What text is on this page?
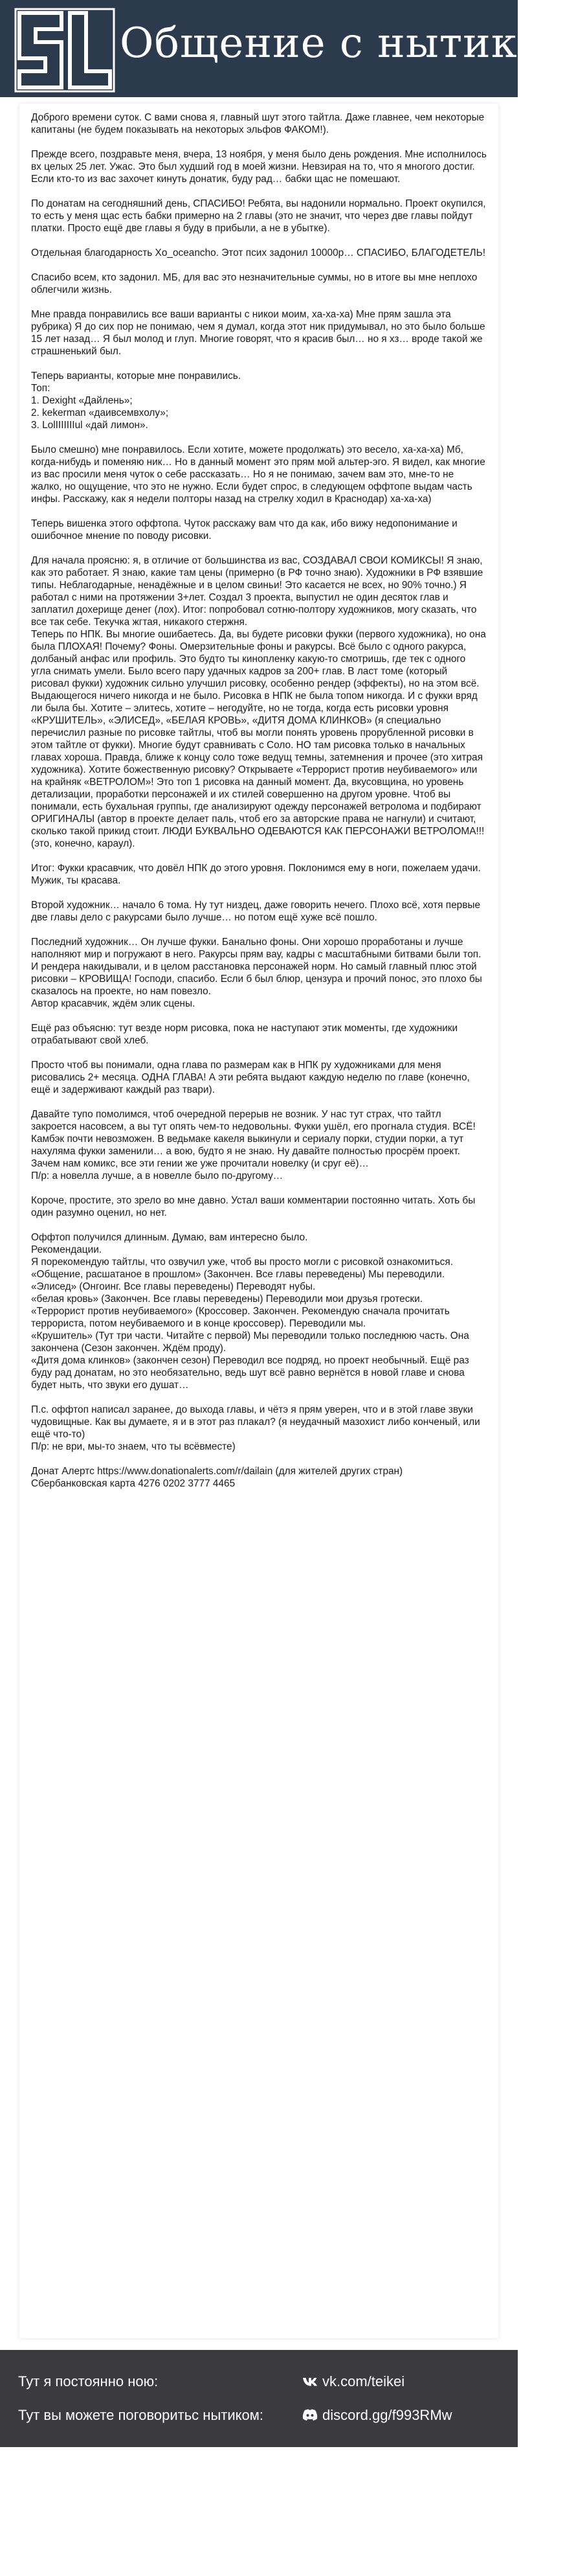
Общение с нытиком

Доброго времени суток. С вами снова я, главный шут этого тайтла. Даже главнее, чем некоторые капитаны (не будем показывать на некоторых эльфов ФАКОМ!).

Прежде всего, поздравьте меня, вчера, 13 ноября, у меня было день рождения. Мне исполнилось вх целых 25 лет. Ужас. Это был худший год в моей жизни. Невзирая на то, что я многого достиг. Если кто-то из вас захочет кинуть донатик, буду рад… бабки щас не помешают.

По донатам на сегодняшний день, СПАСИБО! Ребята, вы надонили нормально. Проект окупился, то есть у меня щас есть бабки примерно на 2 главы (это не значит, что через две главы пойдут платки. Просто ещё две главы я буду в прибыли, а не в убытке).

Отдельная благодарность Xo_oceancho. Этот псих задонил 10000р… СПАСИБО, БЛАГОДЕТЕЛЬ!

Спасибо всем, кто задонил. МБ, для вас это незначительные суммы, но в итоге вы мне неплохо облегчили жизнь.

Мне правда понравились все ваши варианты с никои моим, ха-ха-ха) Мне прям зашла эта рубрика) Я до сих пор не понимаю, чем я думал, когда этот ник придумывал, но это было больше 15 лет назад… Я был молод и глуп. Многие говорят, что я красив был… но я хз… вроде такой же страшненький был.

Теперь варианты, которые мне понравились.
Топ:
1. Dexight «Дайлень»;
2. kekerman «даивсемвхолу»;
3. LolIIIIIIIul «дай лимон».

Было смешно) мне понравилось. Если хотите, можете продолжать) это весело, ха-ха-ха) Мб, когда-нибудь и поменяю ник… Но в данный момент это прям мой альтер-эго. Я видел, как многие из вас просили меня чуток о себе рассказать… Но я не понимаю, зачем вам это, мне-то не жалко, но ощущение, что это не нужно. Если будет спрос, в следующем оффтопе выдам часть инфы. Расскажу, как я недели полторы назад на стрелку ходил в Краснодар) ха-ха-ха)

Теперь вишенка этого оффтопа. Чуток расскажу вам что да как, ибо вижу недопонимание и ошибочное мнение по поводу рисовки.

Для начала проясню: я, в отличие от большинства из вас, СОЗДАВАЛ СВОИ КОМИКСЫ! Я знаю, как это работает. Я знаю, какие там цены (примерно (в РФ точно знаю). Художники в РФ взявшие типы. Неблагодарные, ненадёжные и в целом свиньи! Это касается не всех, но 90% точно.) Я работал с ними на протяжении 3+лет. Создал 3 проекта, выпустил не один десяток глав и заплатил дохерище денег (лох). Итог: попробовал сотню-полтору художников, могу сказать, что все так себе. Текучка жгтая, никакого стержня.
Теперь по НПК. Вы многие ошибаетесь. Да, вы будете рисовки фукки (первого художника), но она была ПЛОХАЯ! Почему? Фоны. Омерзительные фоны и ракурсы. Всё было с одного ракурса, долбаный анфас или профиль. Это будто ты кинопленку какую-то смотришь, где тек с одного угла снимать умели. Было всего пару удачных кадров за 200+ глав. В ласт томе (который рисовал фукки) художник сильно улучшил рисовку, особенно рендер (эффекты), но на этом всё. Выдающегося ничего никогда и не было. Рисовка в НПК не была топом никогда. И с фукки вряд ли была бы. Хотите – элитесь, хотите – негодуйте, но не тогда, когда есть рисовки уровня «КРУШИТЕЛЬ», «ЭЛИСЕД», «БЕЛАЯ КРОВЬ», «ДИТЯ ДОМА КЛИНКОВ» (я специально перечислил разные по рисовке тайтлы, чтоб вы могли понять уровень прорубленной рисовки в этом тайтле от фукки). Многие будут сравнивать с Соло. НО там рисовка только в начальных главах хороша. Правда, ближе к концу соло тоже ведущ темны, затемнения и прочее (это хитрая художника). Хотите божественную рисовку? Открываете «Террорист против неубиваемого» или на крайняк «ВЕТРОЛОМ»! Это топ 1 рисовка на данный момент. Да, вкусовщина, но уровень детализации, проработки персонажей и их стилей совершенно на другом уровне. Чтоб вы понимали, есть бухальная группы, где анализируют одежду персонажей ветролома и подбирают ОРИГИНАЛЫ (автор в проекте делает паль, чтоб его за авторские права не нагнули) и считают, сколько такой прикид стоит. ЛЮДИ БУКВАЛЬНО ОДЕВАЮТСЯ КАК ПЕРСОНАЖИ ВЕТРОЛОМА!!!(это, конечно, караул).

Итог: Фукки красавчик, что довёл НПК до этого уровня. Поклонимся ему в ноги, пожелаем удачи. Мужик, ты красава.

Второй художник… начало 6 тома. Ну тут низдец, даже говорить нечего. Плохо всё, хотя первые две главы дело с ракурсами было лучше… но потом ещё хуже всё пошло.

Последний художник… Он лучше фукки. Банально фоны. Они хорошо проработаны и лучше наполняют мир и погружают в него. Ракурсы прям вау, кадры с масштабными битвами были топ. И рендера накидывали, и в целом расстановка персонажей норм. Но самый главный плюс этой рисовки – КРОВИЩА! Господи, спасибо. Если б был блюр, цензура и прочий понос, это плохо бы сказалось на проекте, но нам повезло.
Автор красавчик, ждём элик сцены.

Ещё раз объясню: тут везде норм рисовка, пока не наступают этик моменты, где художники отрабатывают свой хлеб.

Просто чтоб вы понимали, одна глава по размерам как в НПК ру художниками для меня рисовались 2+ месяца. ОДНА ГЛАВА! А эти ребята выдают каждую неделю по главе (конечно, ещё и задерживают каждый раз твари).

Давайте тупо помолимся, чтоб очередной перерыв не возник. У нас тут страх, что тайтл закроется насовсем, а вы тут опять чем-то недовольны. Фукки ушёл, его прогнала студия. ВСЁ! Камбэк почти невозможен. В ведьмаке какеля выкинули и сериалу порки, студии порки, а тут нахуляма фукки заменили… а вою, будто я не знаю. Ну давайте полностью просрём проект. Зачем нам комикс, все эти гении же уже прочитали новелку (и сруг её)…
П/р: а новелла лучше, а в новелле было по-другому…

Короче, простите, это зрело во мне давно. Устал ваши комментарии постоянно читать. Хоть бы один разумно оценил, но нет.

Оффтоп получился длинным. Думаю, вам интересно было.
Рекомендации.
Я порекомендую тайтлы, что озвучил уже, чтоб вы просто могли с рисовкой ознакомиться. «Общение, расшатаное в прошлом» (Закончен. Все главы переведены) Мы переводили.
«Элисед» (Онгоинг. Все главы переведены) Переводят нубы.
«белая кровь» (Закончен. Все главы переведены) Переводили мои друзья гротески.
«Террорист против неубиваемого» (Кроссовер. Закончен. Рекомендую сначала прочитать террориста, потом неубиваемого и в конце кроссовер). Переводили мы.
«Крушитель» (Тут три части. Читайте с первой) Мы переводили только последнюю часть. Она закончена (Сезон закончен. Ждём проду).
«Дитя дома клинков» (закончен сезон) Переводил все подряд, но проект необычный. Ещё раз буду рад донатам, но это необязательно, ведь шут всё равно вернётся в новой главе и снова будет ныть, что звуки его душат…

П.с. оффтоп написал заранее, до выхода главы, и чётэ я прям уверен, что и в этой главе звуки чудовищные. Как вы думаете, я и в этот раз плакал? (я неудачный мазохист либо конченый, или ещё что-то)
П/р: не ври, мы-то знаем, что ты всёвместе)

Донат Алертс https://www.donationalerts.com/r/dailain (для жителей других стран)
Сбербанковская карта 4276 0202 3777 4465

Тут я постоянно ною:	vk.com/teikei
Тут вы можете поговоритьс нытиком:	discord.gg/f993RMw
